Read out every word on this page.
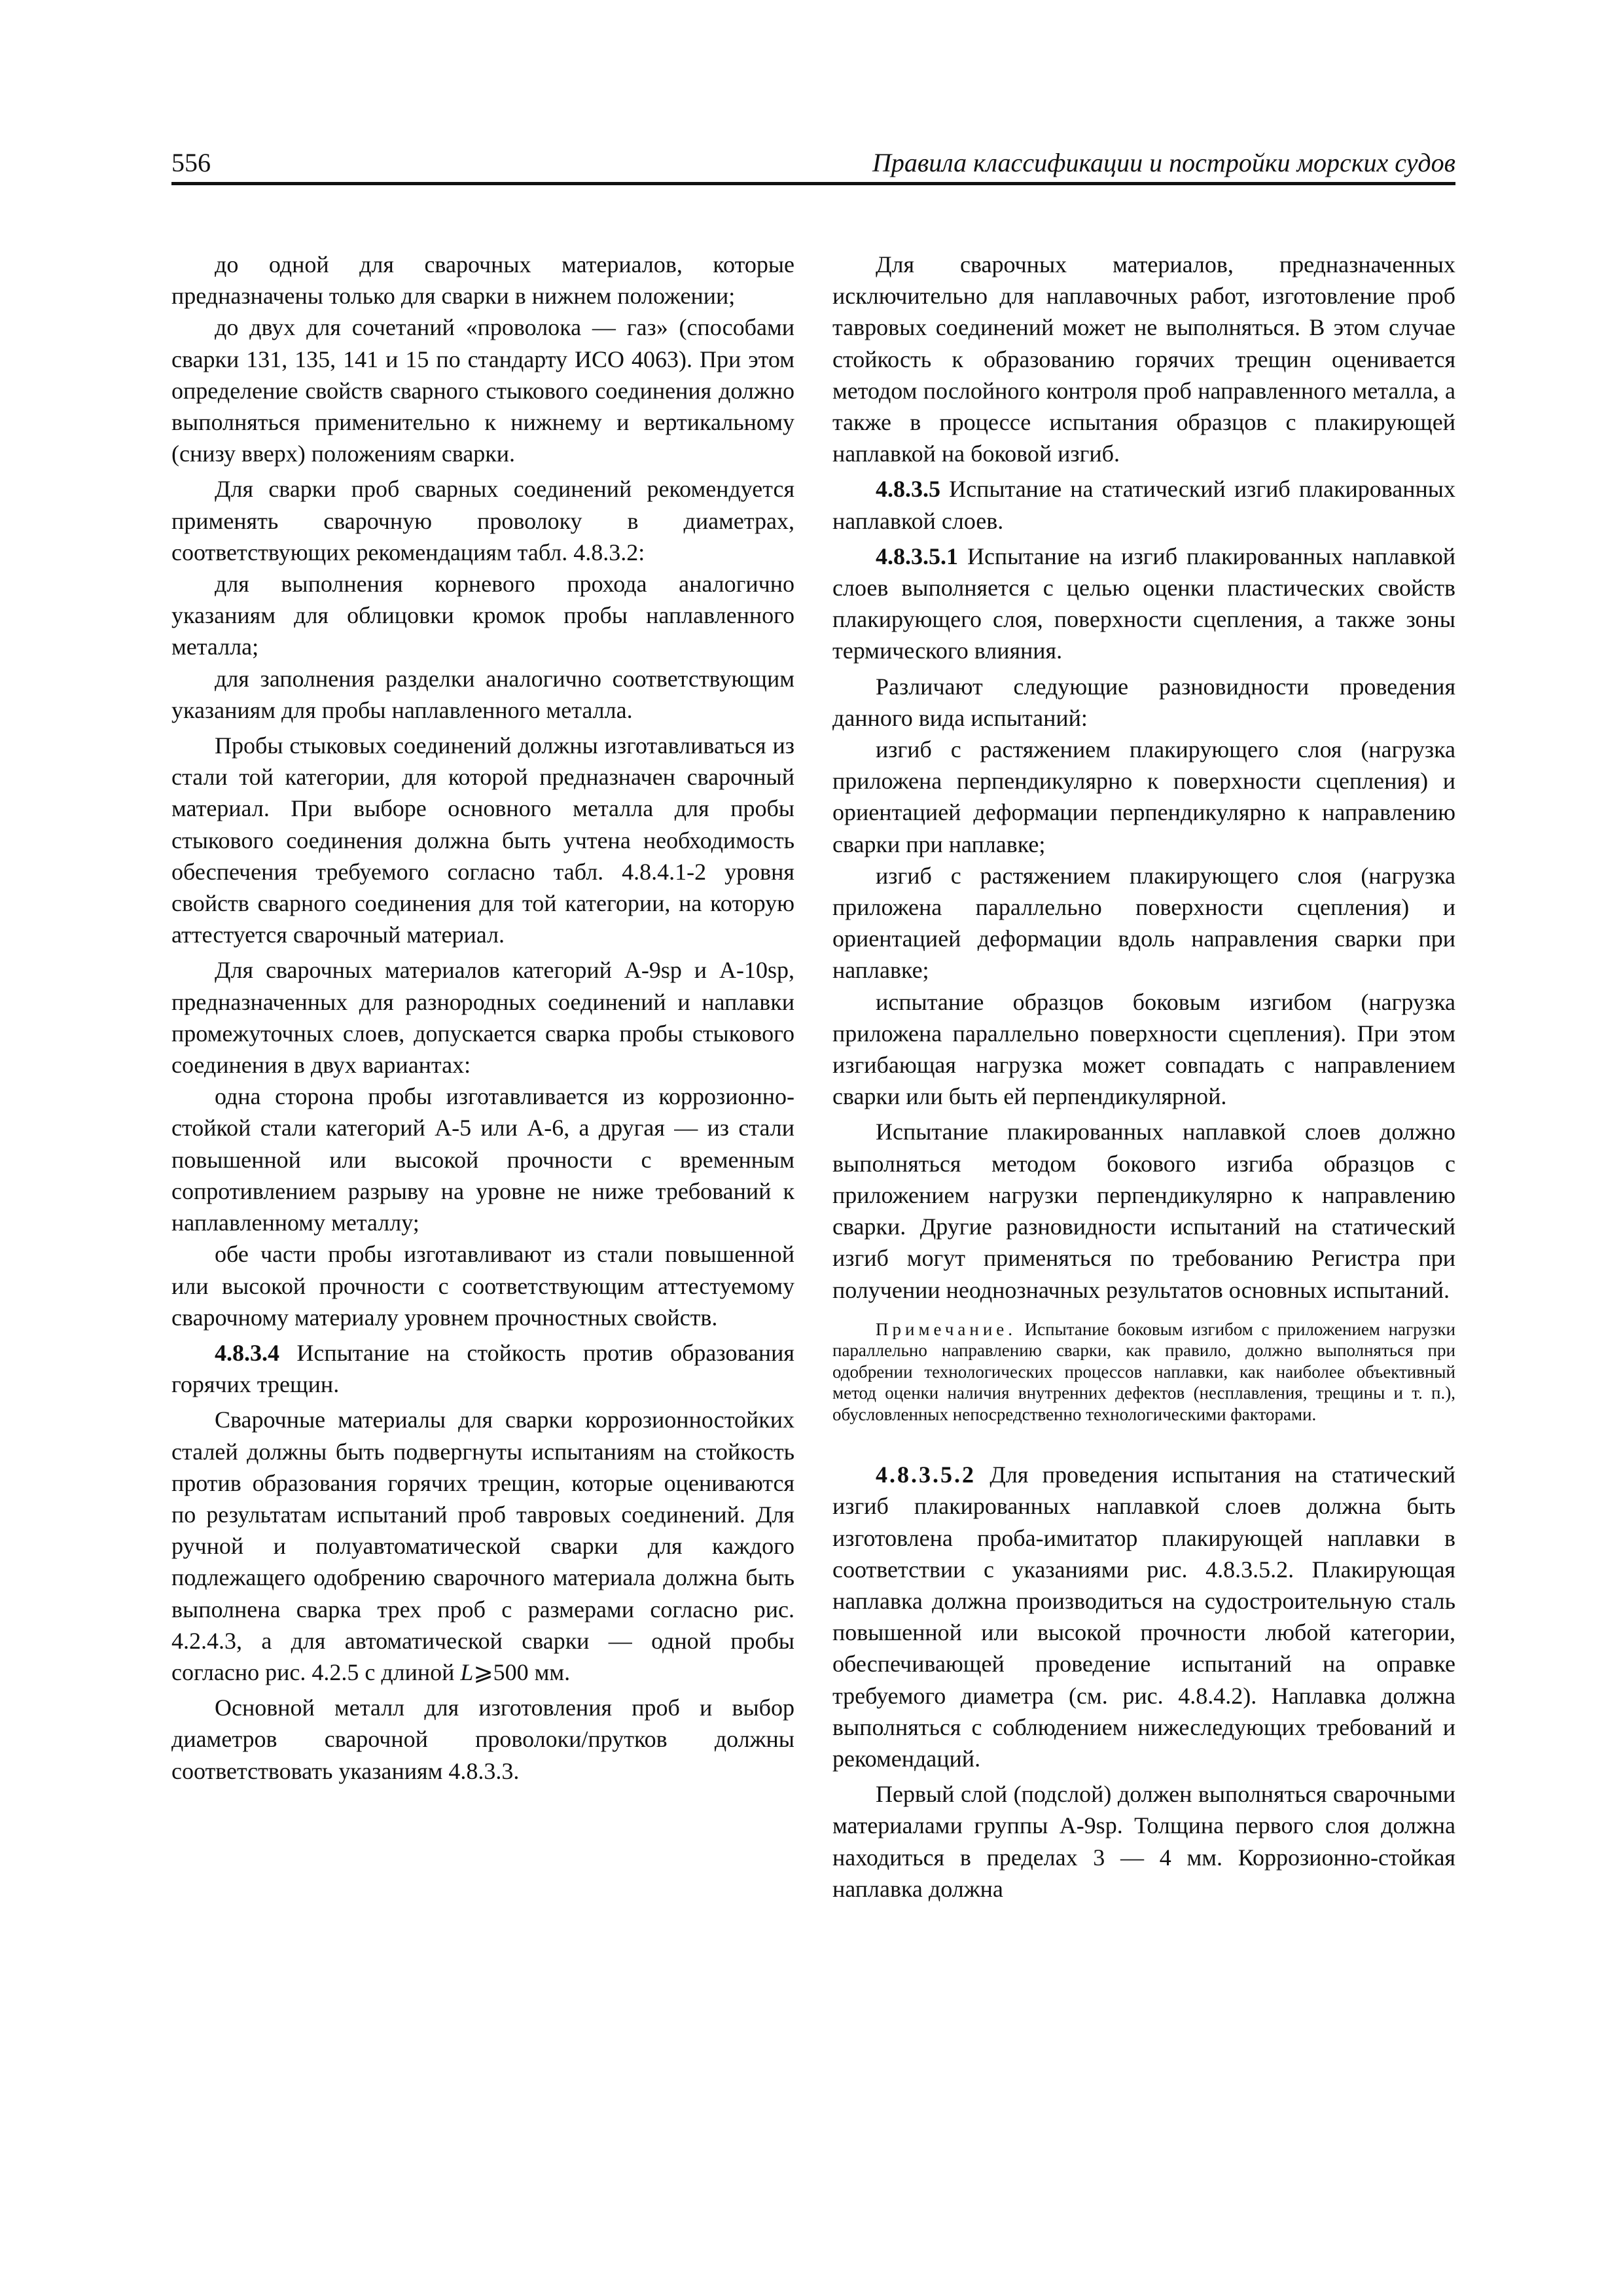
556	Правила классификации и постройки морских судов

до одной для сварочных материалов, которые предназначены только для сварки в нижнем положении;

до двух для сочетаний «проволока — газ» (способами сварки 131, 135, 141 и 15 по стандарту ИСО 4063). При этом определение свойств сварного стыкового соединения должно выполняться применительно к нижнему и вертикальному (снизу вверх) положениям сварки.

Для сварки проб сварных соединений рекомендуется применять сварочную проволоку в диаметрах, соответствующих рекомендациям табл. 4.8.3.2:

для выполнения корневого прохода аналогично указаниям для облицовки кромок пробы наплавленного металла;

для заполнения разделки аналогично соответствующим указаниям для пробы наплавленного металла.

Пробы стыковых соединений должны изготавливаться из стали той категории, для которой предназначен сварочный материал. При выборе основного металла для пробы стыкового соединения должна быть учтена необходимость обеспечения требуемого согласно табл. 4.8.4.1-2 уровня свойств сварного соединения для той категории, на которую аттестуется сварочный материал.

Для сварочных материалов категорий A-9sp и A-10sp, предназначенных для разнородных соединений и наплавки промежуточных слоев, допускается сварка пробы стыкового соединения в двух вариантах:

одна сторона пробы изготавливается из коррозионно-стойкой стали категорий A-5 или A-6, а другая — из стали повышенной или высокой прочности с временным сопротивлением разрыву на уровне не ниже требований к наплавленному металлу;

обе части пробы изготавливают из стали повышенной или высокой прочности с соответствующим аттестуемому сварочному материалу уровнем прочностных свойств.

4.8.3.4 Испытание на стойкость против образования горячих трещин.

Сварочные материалы для сварки коррозионностойких сталей должны быть подвергнуты испытаниям на стойкость против образования горячих трещин, которые оцениваются по результатам испытаний проб тавровых соединений. Для ручной и полуавтоматической сварки для каждого подлежащего одобрению сварочного материала должна быть выполнена сварка трех проб с размерами согласно рис. 4.2.4.3, а для автоматической сварки — одной пробы согласно рис. 4.2.5 с длиной L⩾500 мм.

Основной металл для изготовления проб и выбор диаметров сварочной проволоки/прутков должны соответствовать указаниям 4.8.3.3.

Для сварочных материалов, предназначенных исключительно для наплавочных работ, изготовление проб тавровых соединений может не выполняться. В этом случае стойкость к образованию горячих трещин оценивается методом послойного контроля проб направленного металла, а также в процессе испытания образцов с плакирующей наплавкой на боковой изгиб.

4.8.3.5 Испытание на статический изгиб плакированных наплавкой слоев.

4.8.3.5.1 Испытание на изгиб плакированных наплавкой слоев выполняется с целью оценки пластических свойств плакирующего слоя, поверхности сцепления, а также зоны термического влияния.

Различают следующие разновидности проведения данного вида испытаний:

изгиб с растяжением плакирующего слоя (нагрузка приложена перпендикулярно к поверхности сцепления) и ориентацией деформации перпендикулярно к направлению сварки при наплавке;

изгиб с растяжением плакирующего слоя (нагрузка приложена параллельно поверхности сцепления) и ориентацией деформации вдоль направления сварки при наплавке;

испытание образцов боковым изгибом (нагрузка приложена параллельно поверхности сцепления). При этом изгибающая нагрузка может совпадать с направлением сварки или быть ей перпендикулярной.

Испытание плакированных наплавкой слоев должно выполняться методом бокового изгиба образцов с приложением нагрузки перпендикулярно к направлению сварки. Другие разновидности испытаний на статический изгиб могут применяться по требованию Регистра при получении неоднозначных результатов основных испытаний.

Примечание. Испытание боковым изгибом с приложением нагрузки параллельно направлению сварки, как правило, должно выполняться при одобрении технологических процессов наплавки, как наиболее объективный метод оценки наличия внутренних дефектов (несплавления, трещины и т. п.), обусловленных непосредственно технологическими факторами.

4.8.3.5.2 Для проведения испытания на статический изгиб плакированных наплавкой слоев должна быть изготовлена проба-имитатор плакирующей наплавки в соответствии с указаниями рис. 4.8.3.5.2. Плакирующая наплавка должна производиться на судостроительную сталь повышенной или высокой прочности любой категории, обеспечивающей проведение испытаний на оправке требуемого диаметра (см. рис. 4.8.4.2). Наплавка должна выполняться с соблюдением нижеследующих требований и рекомендаций.

Первый слой (подслой) должен выполняться сварочными материалами группы A-9sp. Толщина первого слоя должна находиться в пределах 3 — 4 мм. Коррозионно-стойкая наплавка должна
